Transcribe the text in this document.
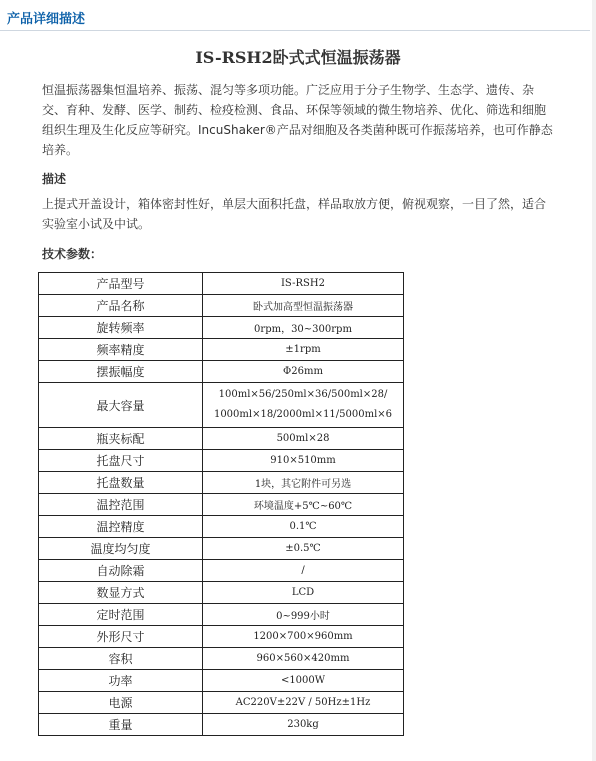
产品详细描述
IS-RSH2卧式式恒温振荡器

恒温振荡器集恒温培养、振荡、混匀等多项功能。广泛应用于分子生物学、生态学、遗传、杂交、育种、发酵、医学、制药、检疫检测、食品、环保等领域的微生物培养、优化、筛选和细胞组织生理及生化反应等研究。IncuShaker®产品对细胞及各类菌种既可作振荡培养，也可作静态培养。

描述

上提式开盖设计，箱体密封性好，单层大面积托盘，样品取放方便，俯视观察，一目了然，适合实验室小试及中试。

技术参数：
产品型号	IS-RSH2
产品名称	卧式加高型恒温振荡器
旋转频率	0rpm，30~300rpm
频率精度	±1rpm
摆振幅度	Φ26mm
最大容量	100ml×56/250ml×36/500ml×28/
1000ml×18/2000ml×11/5000ml×6

瓶夹标配	500ml×28
托盘尺寸	910×510mm
托盘数量	1块，其它附件可另选
温控范围	环境温度+5℃~60℃
温控精度	0.1℃
温度均匀度	±0.5℃
自动除霜	/
数显方式	LCD
定时范围	0~999小时
外形尺寸	1200×700×960mm
容积	960×560×420mm
功率	<1000W
电源	AC220V±22V / 50Hz±1Hz
重量	230kg
